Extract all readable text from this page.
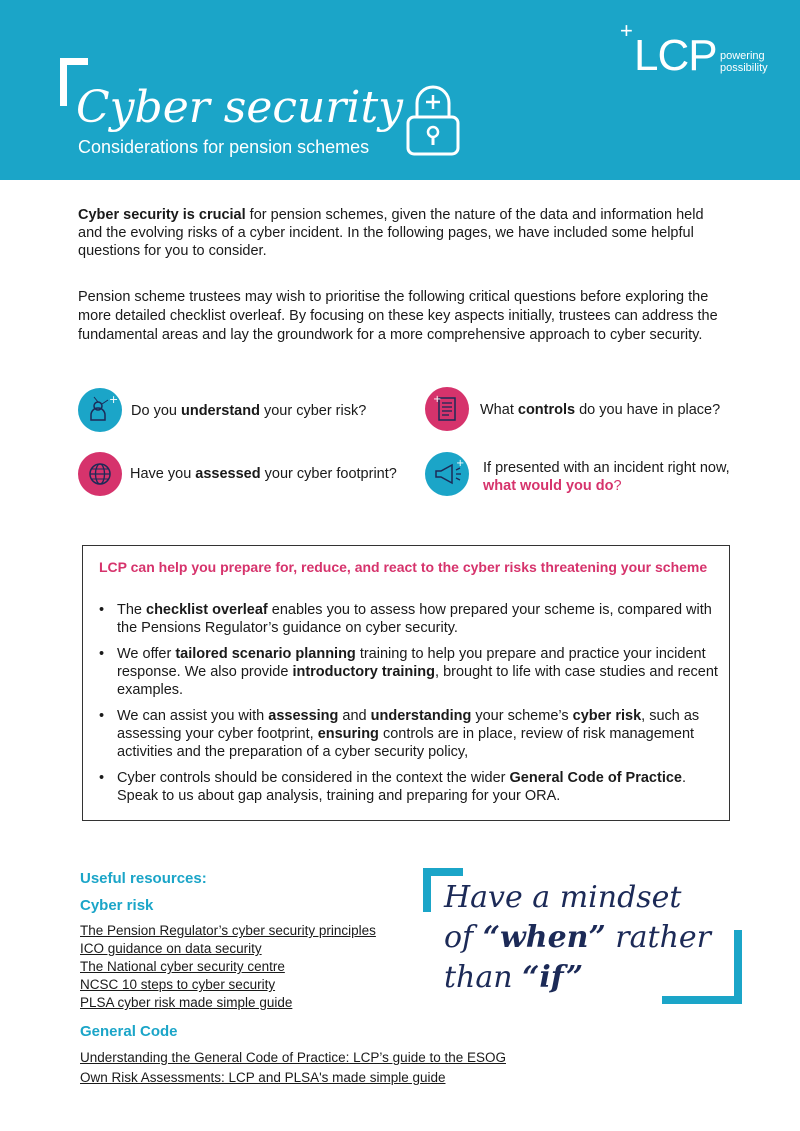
Cyber security
Considerations for pension schemes
+
LCP powering
possibility
Cyber security is crucial for pension schemes, given the nature of the data and information held and the evolving risks of a cyber incident. In the following pages, we have included some helpful questions for you to consider.
Pension scheme trustees may wish to prioritise the following critical questions before exploring the more detailed checklist overleaf. By focusing on these key aspects initially, trustees can address the fundamental areas and lay the groundwork for a more comprehensive approach to cyber security.
+
Do you understand your cyber risk?
+
What controls do you have in place?
Have you assessed your cyber footprint?
+ If presented with an incident right now,
what would you do?
LCP can help you prepare for, reduce, and react to the cyber risks threatening your scheme
• The checklist overleaf enables you to assess how prepared your scheme is, compared with the Pensions Regulator’s guidance on cyber security.
• We offer tailored scenario planning training to help you prepare and practice your incident response. We also provide introductory training, brought to life with case studies and recent examples.
• We can assist you with assessing and understanding your scheme’s cyber risk, such as assessing your cyber footprint, ensuring controls are in place, review of risk management activities and the preparation of a cyber security policy,
• Cyber controls should be considered in the context the wider General Code of Practice. Speak to us about gap analysis, training and preparing for your ORA.
Useful resources:
Cyber risk
The Pension Regulator’s cyber security principles
ICO guidance on data security
The National cyber security centre
NCSC 10 steps to cyber security
PLSA cyber risk made simple guide
General Code
Understanding the General Code of Practice: LCP’s guide to the ESOG
Own Risk Assessments: LCP and PLSA's made simple guide
Have a mindset
of “when” rather
than “if”
